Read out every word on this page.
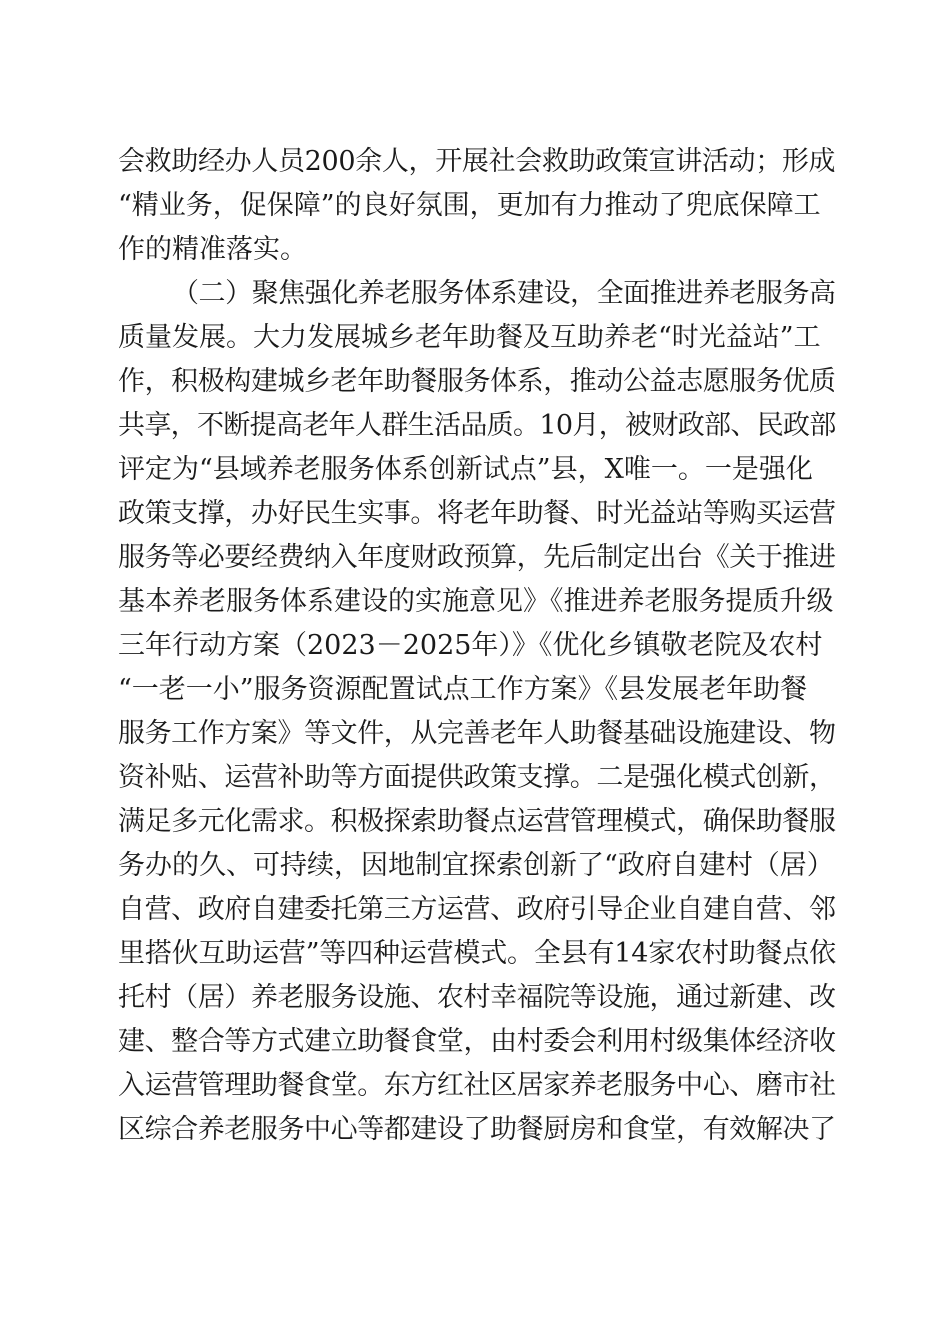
会救助经办人员200余人，开展社会救助政策宣讲活动；形成
“精业务，促保障”的良好氛围，更加有力推动了兜底保障工
作的精准落实。
（二）聚焦强化养老服务体系建设，全面推进养老服务高
质量发展。大力发展城乡老年助餐及互助养老“时光益站”工
作，积极构建城乡老年助餐服务体系，推动公益志愿服务优质
共享，不断提高老年人群生活品质。10月，被财政部、民政部
评定为“县域养老服务体系创新试点”县，X唯一。一是强化
政策支撑，办好民生实事。将老年助餐、时光益站等购买运营
服务等必要经费纳入年度财政预算，先后制定出台《关于推进
基本养老服务体系建设的实施意见》《推进养老服务提质升级
三年行动方案（2023－2025年）》《优化乡镇敬老院及农村
“一老一小”服务资源配置试点工作方案》《县发展老年助餐
服务工作方案》等文件，从完善老年人助餐基础设施建设、物
资补贴、运营补助等方面提供政策支撑。二是强化模式创新，
满足多元化需求。积极探索助餐点运营管理模式，确保助餐服
务办的久、可持续，因地制宜探索创新了“政府自建村（居）
自营、政府自建委托第三方运营、政府引导企业自建自营、邻
里搭伙互助运营”等四种运营模式。全县有14家农村助餐点依
托村（居）养老服务设施、农村幸福院等设施，通过新建、改
建、整合等方式建立助餐食堂，由村委会利用村级集体经济收
入运营管理助餐食堂。东方红社区居家养老服务中心、磨市社
区综合养老服务中心等都建设了助餐厨房和食堂，有效解决了
